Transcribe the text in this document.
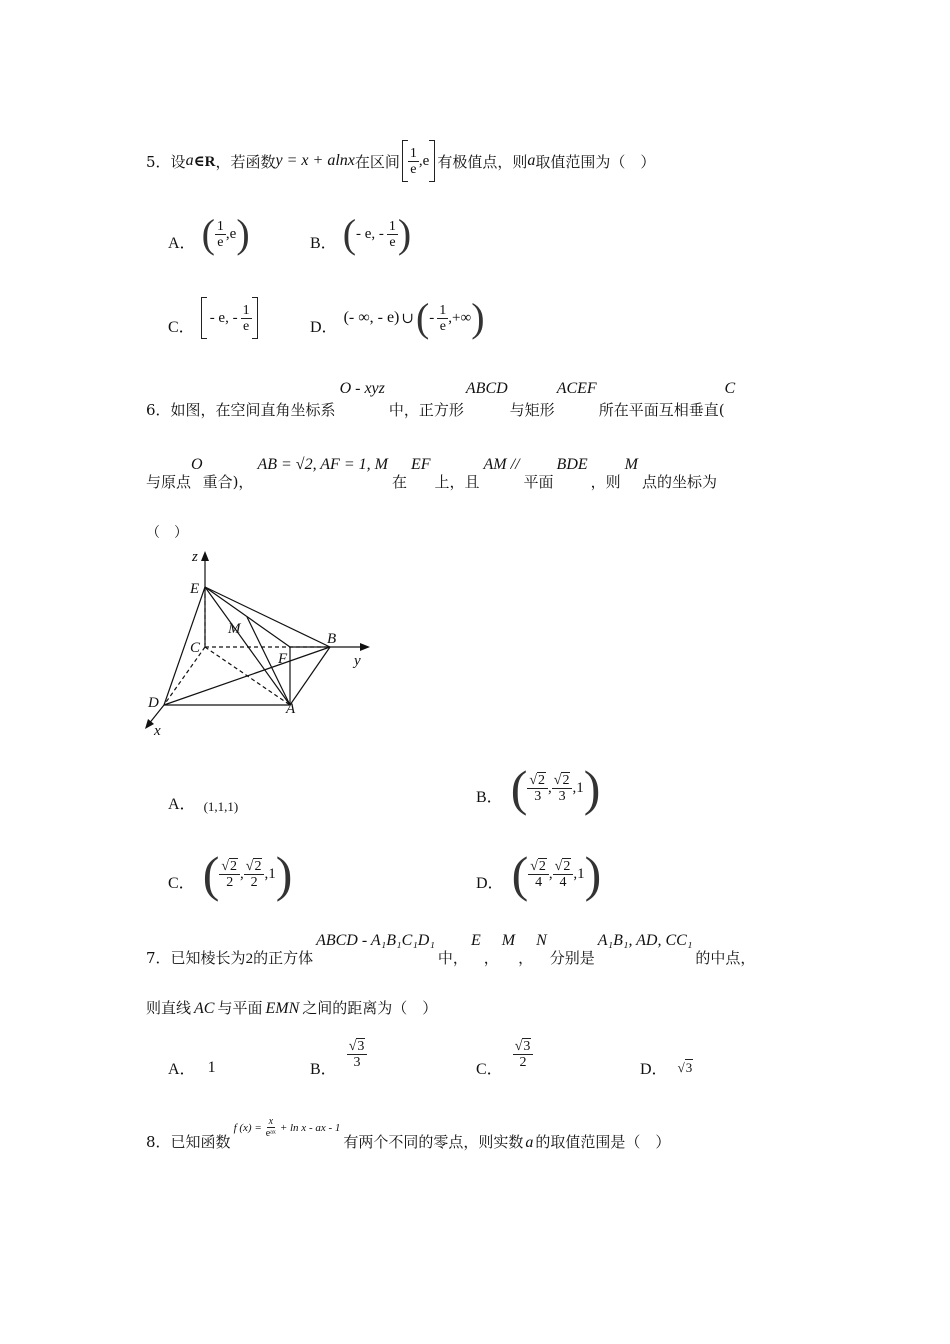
5． 设 a ∈R ， 若函数 y = x + alnx 在区间 $\frac{1}{e} ,e$ 有极值点，则 a 取值范围为（　）
A． ( $\frac{1}{e} ,e$ )	B． ( - e, - $\frac{1}{e}$ )
C．
- e, - $\frac{1}{e}$	D．
(- ∞, - e) ∪ ( - $\frac{1}{e}$ ,+∞ )
6． 如图，在空间直角坐标系
O - xyz
中，正方形
ABCD
与矩形
ACEF
所在平面互相垂直(
C
与原点
O
重合)，
AB = √2, AF = 1, M
在
EF
上，且
AM //
平面
BDE
，则
M
点的坐标为
（　）
z
E
M
C
F
B
y
D	A
x
A． (1,1,1)
B． ( $\frac{√2}{3}$ , $\frac{√2}{3} ,1$ )
C． ( $\frac{√2}{2}$ , $\frac{√2}{2} ,1$ )	D． ( $\frac{√2}{4}$ , $\frac{√2}{4} ,1$ )
7． 已知棱长为 2 的正方体
ABCD - A₁B₁C₁D₁
中，
E
，
M
，
N
分别是
A₁B₁, AD, CC₁
的中点，
则直线 AC 与平面 EMN 之间的距离为（　）
A． 1	B． $\frac{√3}{3}$	C． $\frac{√3}{2}$	D． √3
8． 已知函数
f $(x) = \frac{x}{\text{eᵃˣ}} + \ln x$ - ax - 1
有两个不同的零点，则实数 a 的取值范围是（　）
